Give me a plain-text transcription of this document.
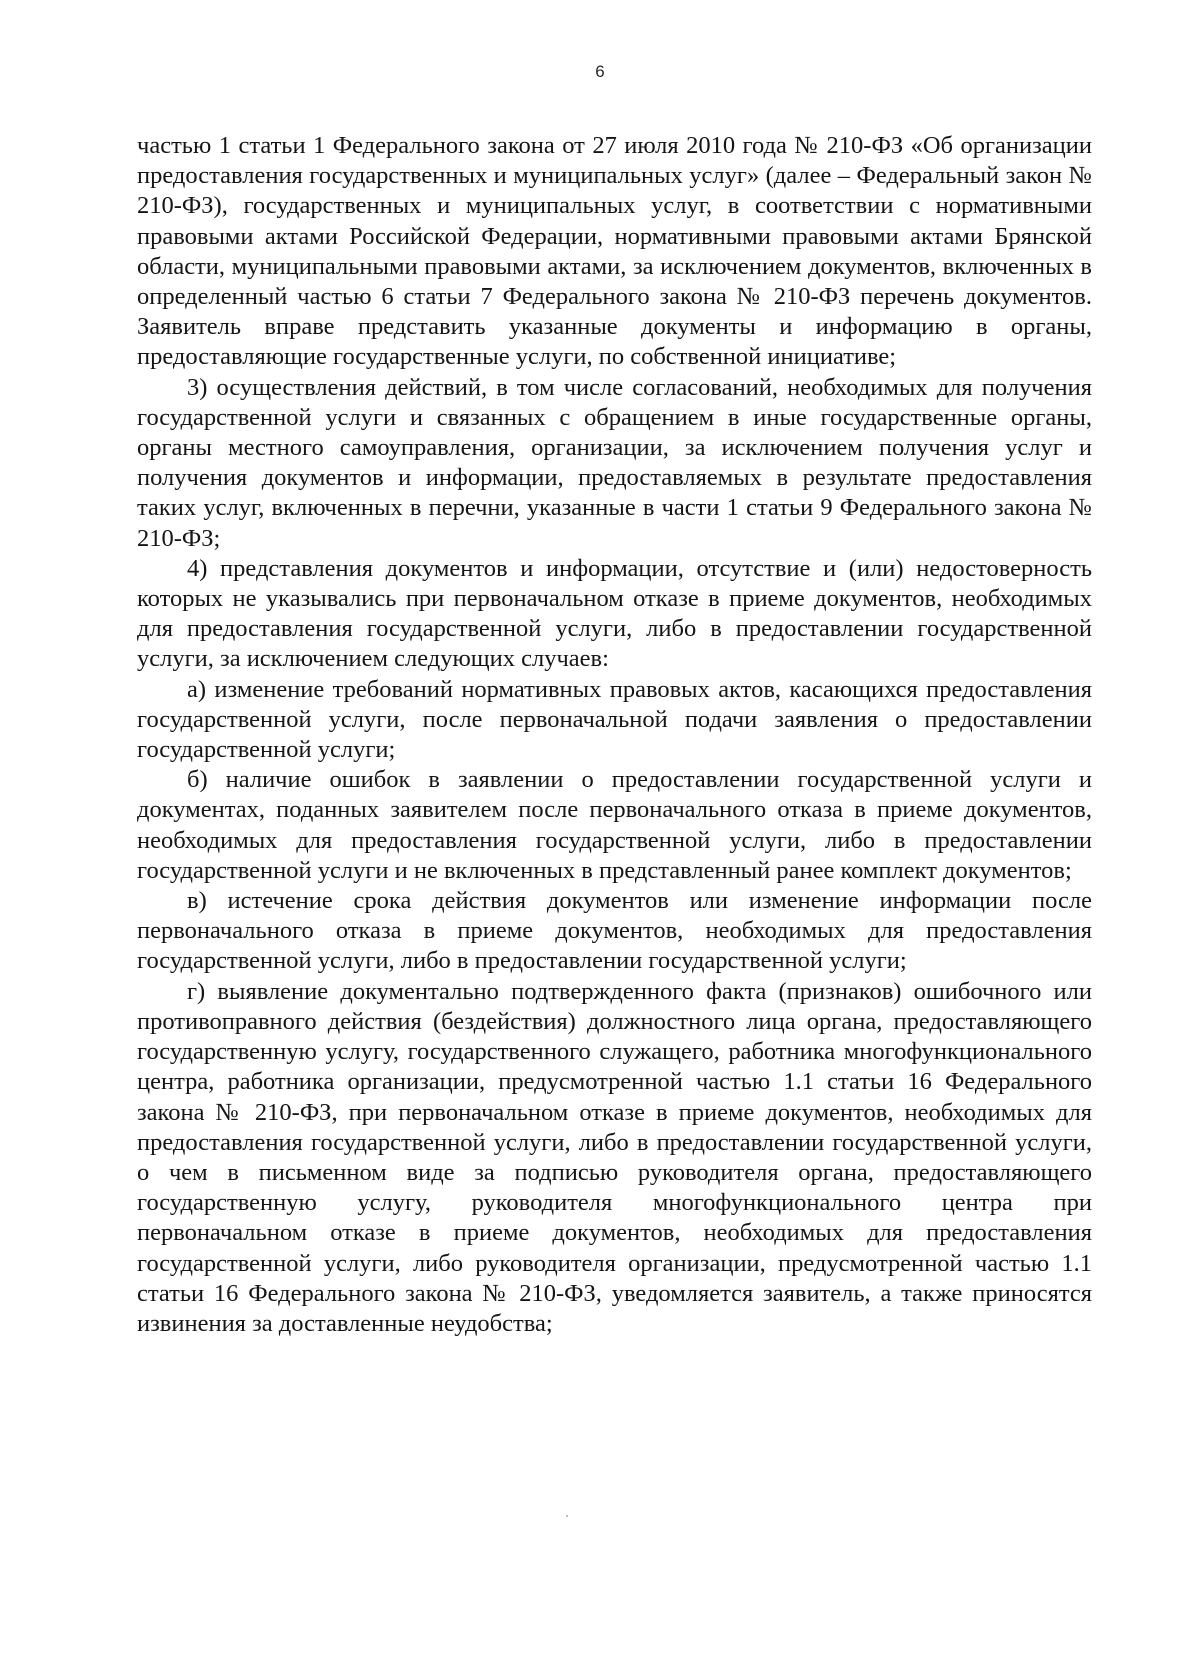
6

частью 1 статьи 1 Федерального закона от 27 июля 2010 года № 210-ФЗ «Об организации предоставления государственных и муниципальных услуг» (далее – Федеральный закон № 210-ФЗ), государственных и муниципальных услуг, в соответствии с нормативными правовыми актами Российской Федерации, нормативными правовыми актами Брянской области, муниципальными правовыми актами, за исключением документов, включенных в определенный частью 6 статьи 7 Федерального закона № 210-ФЗ перечень документов. Заявитель вправе представить указанные документы и информацию в органы, предоставляющие государственные услуги, по собственной инициативе;

3) осуществления действий, в том числе согласований, необходимых для получения государственной услуги и связанных с обращением в иные государственные органы, органы местного самоуправления, организации, за исключением получения услуг и получения документов и информации, предоставляемых в результате предоставления таких услуг, включенных в перечни, указанные в части 1 статьи 9 Федерального закона № 210-ФЗ;

4) представления документов и информации, отсутствие и (или) недостоверность которых не указывались при первоначальном отказе в приеме документов, необходимых для предоставления государственной услуги, либо в предоставлении государственной услуги, за исключением следующих случаев:

а) изменение требований нормативных правовых актов, касающихся предоставления государственной услуги, после первоначальной подачи заявления о предоставлении государственной услуги;

б) наличие ошибок в заявлении о предоставлении государственной услуги и документах, поданных заявителем после первоначального отказа в приеме документов, необходимых для предоставления государственной услуги, либо в предоставлении государственной услуги и не включенных в представленный ранее комплект документов;

в) истечение срока действия документов или изменение информации после первоначального отказа в приеме документов, необходимых для предоставления государственной услуги, либо в предоставлении государственной услуги;

г) выявление документально подтвержденного факта (признаков) ошибочного или противоправного действия (бездействия) должностного лица органа, предоставляющего государственную услугу, государственного служащего, работника многофункционального центра, работника организации, предусмотренной частью 1.1 статьи 16 Федерального закона № 210-ФЗ, при первоначальном отказе в приеме документов, необходимых для предоставления государственной услуги, либо в предоставлении государственной услуги, о чем в письменном виде за подписью руководителя органа, предоставляющего государственную услугу, руководителя многофункционального центра при первоначальном отказе в приеме документов, необходимых для предоставления государственной услуги, либо руководителя организации, предусмотренной частью 1.1 статьи 16 Федерального закона № 210-ФЗ, уведомляется заявитель, а также приносятся извинения за доставленные неудобства;
